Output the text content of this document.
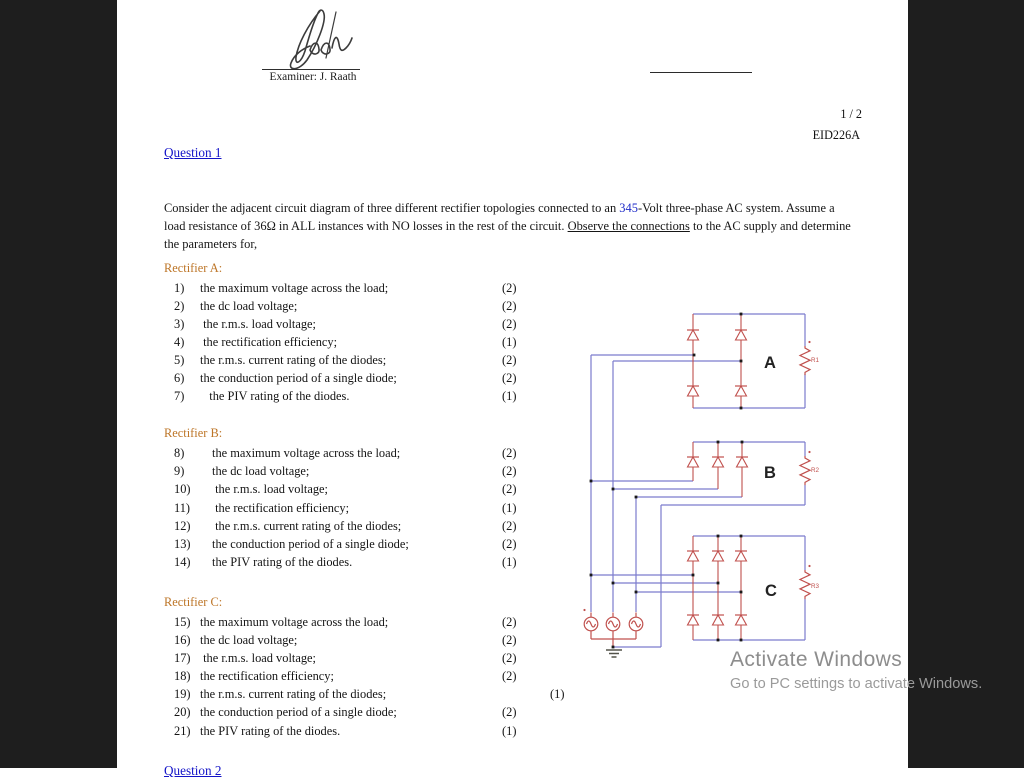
Examiner: J. Raath
1 / 2
EID226A
Question 1

Consider the adjacent circuit diagram of three different rectifier topologies connected to an 345-Volt three-phase AC system. Assume a load resistance of 36Ω in ALL instances with NO losses in the rest of the circuit. Observe the connections to the AC supply and determine the parameters for,

Rectifier A:
1) the maximum voltage across the load;	(2)
2) the dc load voltage;	(2)
3) the r.m.s. load voltage;	(2)
4) the rectification efficiency;	(1)
5) the r.m.s. current rating of the diodes;	(2)
6) the conduction period of a single diode;	(2)
7) the PIV rating of the diodes.	(1)
Rectifier B:
8) the maximum voltage across the load;	(2)
9) the dc load voltage;	(2)
10) the r.m.s. load voltage;	(2)
11) the rectification efficiency;	(1)
12) the r.m.s. current rating of the diodes;	(2)
13) the conduction period of a single diode;	(2)
14) the PIV rating of the diodes.	(1)
Rectifier C:
15) the maximum voltage across the load;	(2)
16) the dc load voltage;	(2)
17) the r.m.s. load voltage;	(2)
18) the rectification efficiency;	(2)
19) the r.m.s. current rating of the diodes;	(1)
20) the conduction period of a single diode;	(2)
21) the PIV rating of the diodes.	(1)
A
B
C
R1
R2
R3
Question 2
Activate Windows
Go to PC settings to activate Windows.
